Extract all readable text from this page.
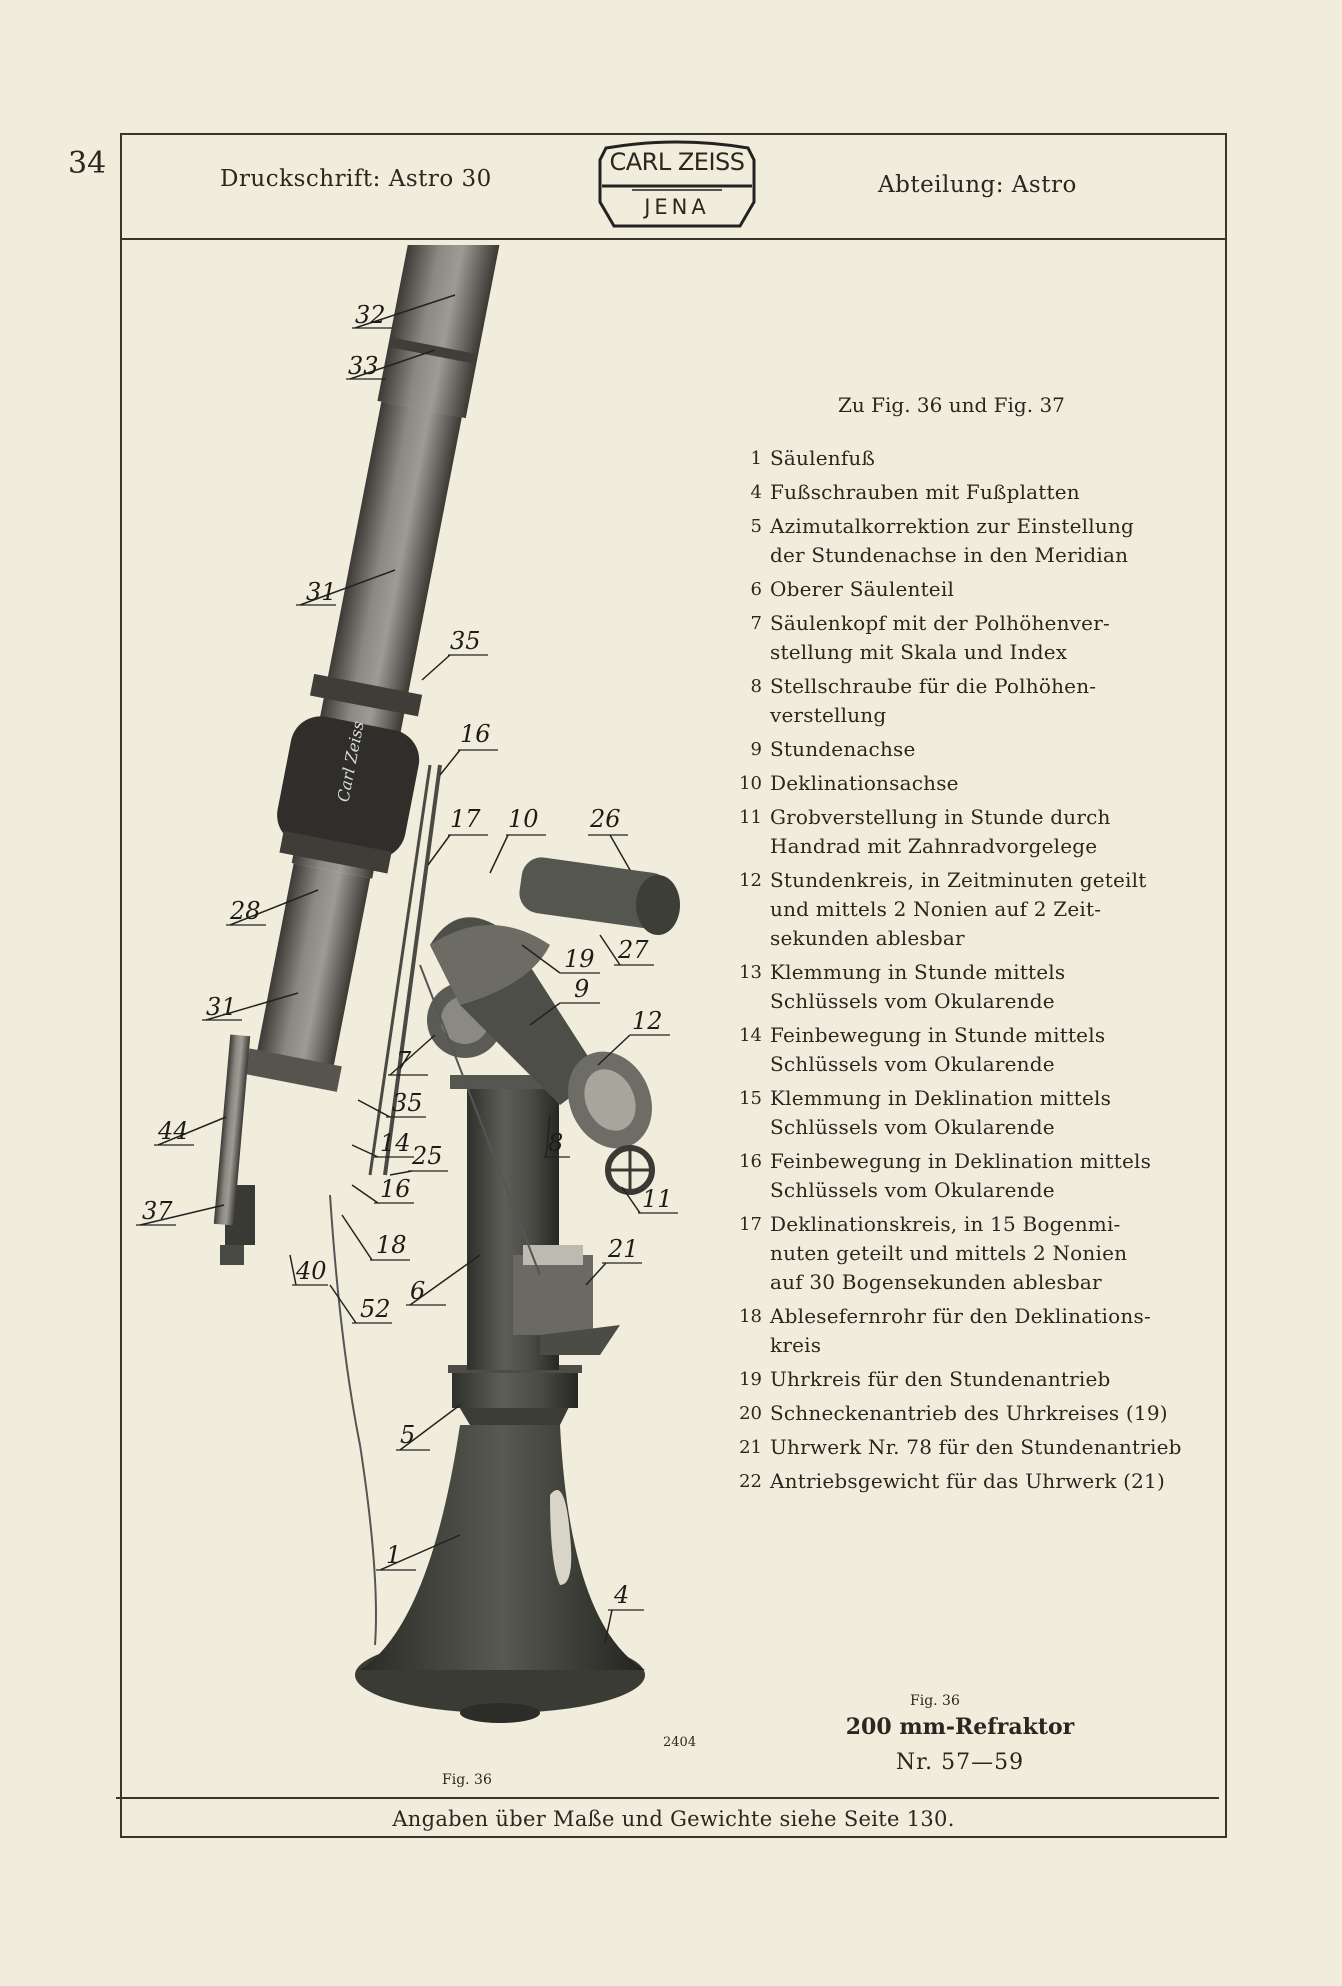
34	Druckschrift: Astro 30
CARL ZEISS
JENA
Abteilung: Astro
Carl Zeiss
32
33
31
35
16
17 10 26
28
19 27
9
31	12
7
44
35
14 25	8
16	11
37
18	21
40
6
52
5
1
4
Zu Fig. 36 und Fig. 37
1 Säulenfuß
4 Fußschrauben mit Fußplatten
5 Azimutalkorrektion zur Einstellung
der Stundenachse in den Meridian
6 Oberer Säulenteil
7 Säulenkopf mit der Polhöhenver-
stellung mit Skala und Index
8 Stellschraube für die Polhöhen-
verstellung
9 Stundenachse
10 Deklinationsachse
11 Grobverstellung in Stunde durch
Handrad mit Zahnradvorgelege
12 Stundenkreis, in Zeitminuten geteilt
und mittels 2 Nonien auf 2 Zeit-
sekunden ablesbar
13 Klemmung in Stunde mittels
Schlüssels vom Okularende
14 Feinbewegung in Stunde mittels
Schlüssels vom Okularende
15 Klemmung in Deklination mittels
Schlüssels vom Okularende
16 Feinbewegung in Deklination mittels
Schlüssels vom Okularende
17 Deklinationskreis, in 15 Bogenmi-
nuten geteilt und mittels 2 Nonien
auf 30 Bogensekunden ablesbar
18 Ablesefernrohr für den Deklinations-
kreis
19 Uhrkreis für den Stundenantrieb
20 Schneckenantrieb des Uhrkreises (19)
21 Uhrwerk Nr. 78 für den Stundenantrieb
22 Antriebsgewicht für das Uhrwerk (21)
Fig. 36
200 mm-Refraktor
Nr. 57—59
2404
Fig. 36
Angaben über Maße und Gewichte siehe Seite 130.
